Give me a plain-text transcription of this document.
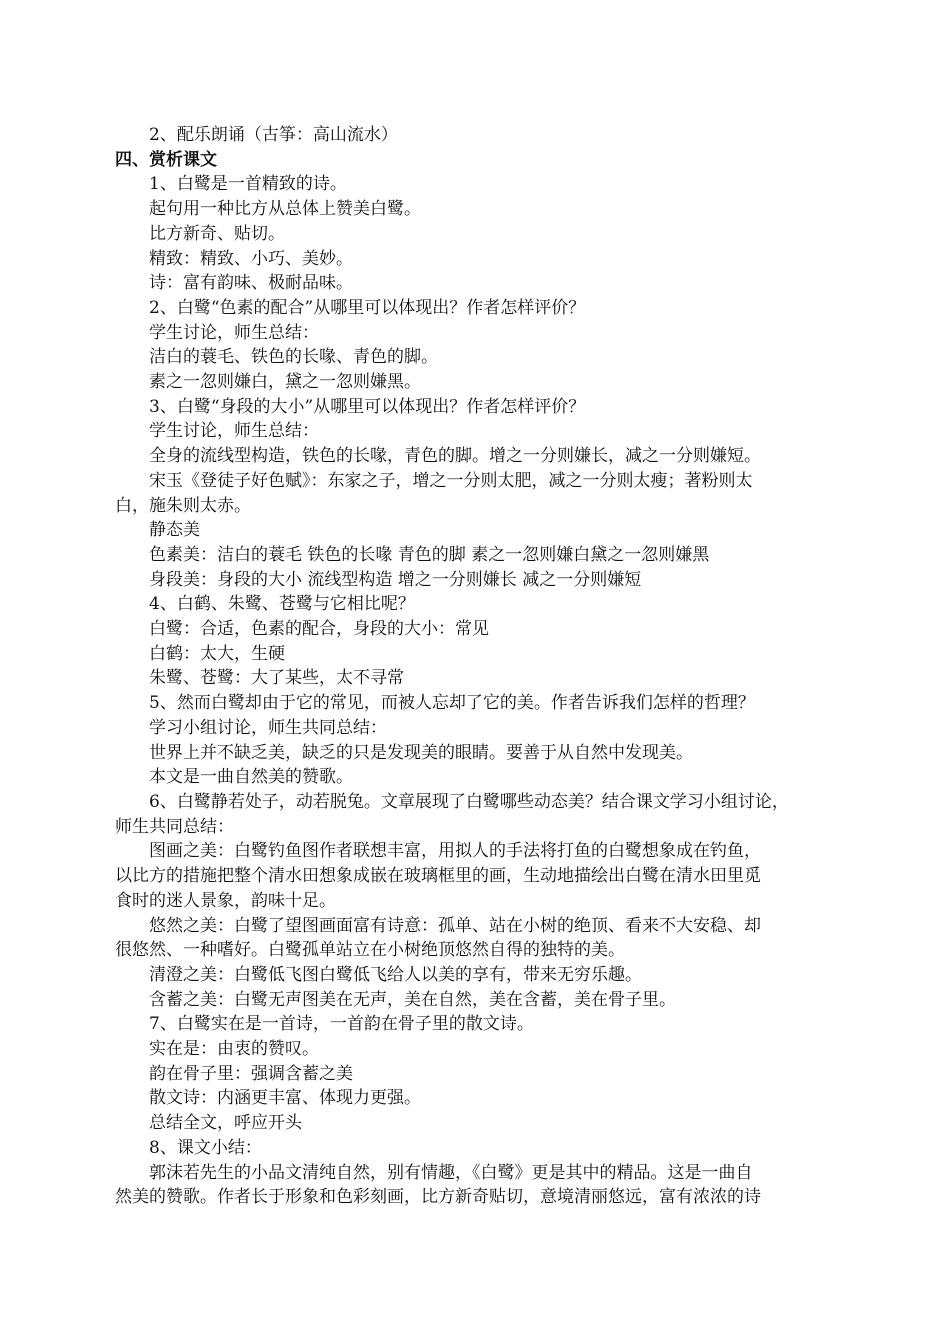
2、配乐朗诵（古筝：高山流水）
四、赏析课文
1、白鹭是一首精致的诗。
起句用一种比方从总体上赞美白鹭。
比方新奇、贴切。
精致：精致、小巧、美妙。
诗：富有韵味、极耐品味。
2、白鹭“色素的配合”从哪里可以体现出？作者怎样评价？
学生讨论，师生总结：
洁白的蓑毛、铁色的长喙、青色的脚。
素之一忽则嫌白，黛之一忽则嫌黑。
3、白鹭“身段的大小”从哪里可以体现出？作者怎样评价？
学生讨论，师生总结：
全身的流线型构造，铁色的长喙，青色的脚。增之一分则嫌长，减之一分则嫌短。
宋玉《登徒子好色赋》：东家之子，增之一分则太肥，减之一分则太瘦；著粉则太
白，施朱则太赤。
静态美
色素美：洁白的蓑毛 铁色的长喙 青色的脚 素之一忽则嫌白黛之一忽则嫌黑
身段美：身段的大小 流线型构造 增之一分则嫌长 减之一分则嫌短
4、白鹤、朱鹭、苍鹭与它相比呢？
白鹭：合适，色素的配合，身段的大小：常见
白鹤：太大，生硬
朱鹭、苍鹭：大了某些，太不寻常
5、然而白鹭却由于它的常见，而被人忘却了它的美。作者告诉我们怎样的哲理？
学习小组讨论，师生共同总结：
世界上并不缺乏美，缺乏的只是发现美的眼睛。要善于从自然中发现美。
本文是一曲自然美的赞歌。
6、白鹭静若处子，动若脱兔。文章展现了白鹭哪些动态美？结合课文学习小组讨论，
师生共同总结：
图画之美：白鹭钓鱼图作者联想丰富，用拟人的手法将打鱼的白鹭想象成在钓鱼，
以比方的措施把整个清水田想象成嵌在玻璃框里的画，生动地描绘出白鹭在清水田里觅
食时的迷人景象，韵味十足。
悠然之美：白鹭了望图画面富有诗意：孤单、站在小树的绝顶、看来不大安稳、却
很悠然、一种嗜好。白鹭孤单站立在小树绝顶悠然自得的独特的美。
清澄之美：白鹭低飞图白鹭低飞给人以美的享有，带来无穷乐趣。
含蓄之美：白鹭无声图美在无声，美在自然，美在含蓄，美在骨子里。
7、白鹭实在是一首诗，一首韵在骨子里的散文诗。
实在是：由衷的赞叹。
韵在骨子里：强调含蓄之美
散文诗：内涵更丰富、体现力更强。
总结全文，呼应开头
8、课文小结：
郭沫若先生的小品文清纯自然，别有情趣，《白鹭》更是其中的精品。这是一曲自
然美的赞歌。作者长于形象和色彩刻画，比方新奇贴切，意境清丽悠远，富有浓浓的诗
